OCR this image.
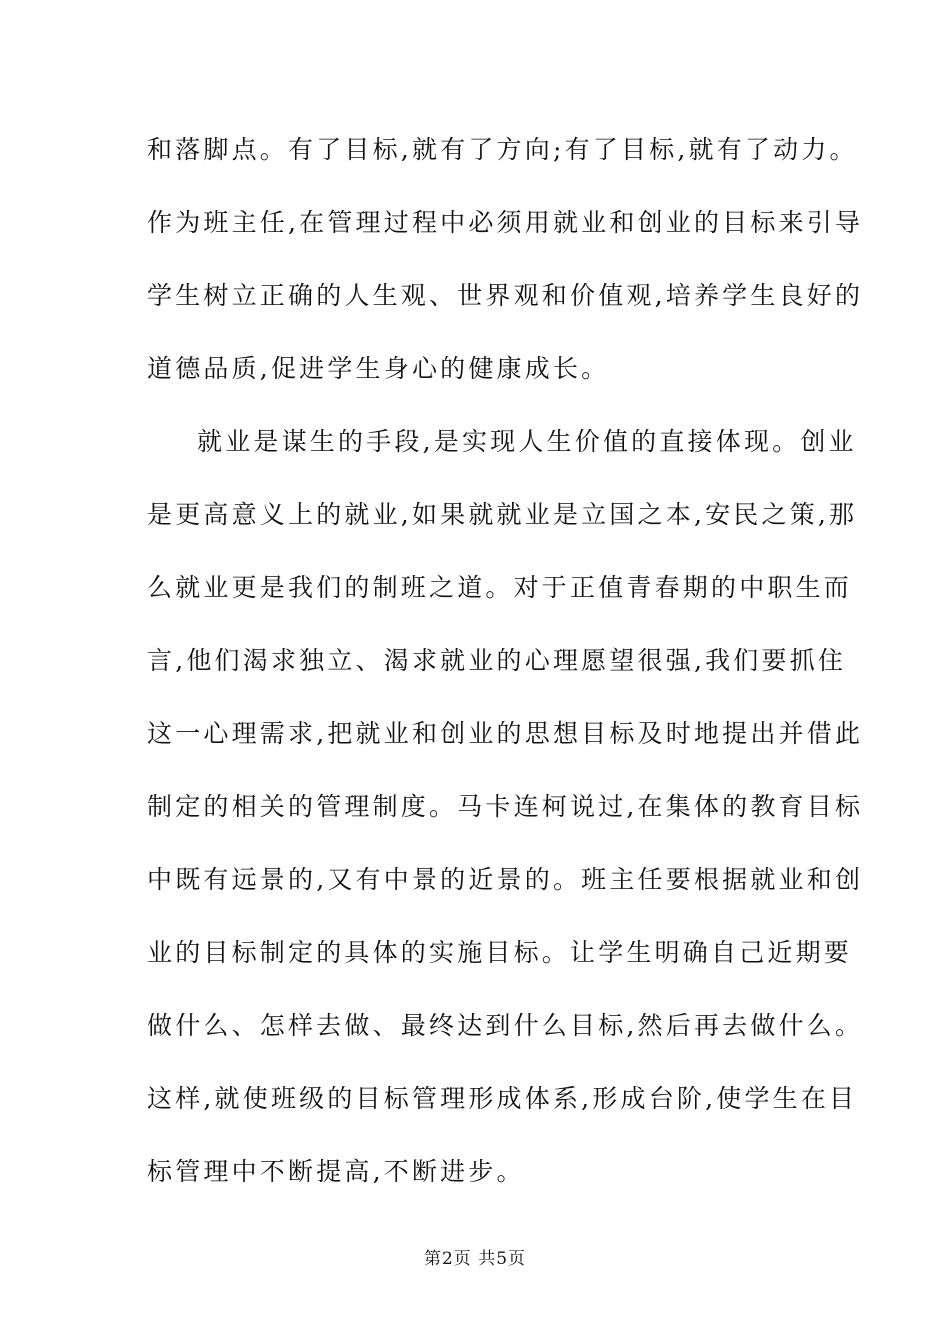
和落脚点。有了目标,就有了方向;有了目标,就有了动力。
作为班主任,在管理过程中必须用就业和创业的目标来引导
学生树立正确的人生观、世界观和价值观,培养学生良好的
道德品质,促进学生身心的健康成长。
就业是谋生的手段,是实现人生价值的直接体现。创业
是更高意义上的就业,如果就就业是立国之本,安民之策,那
么就业更是我们的制班之道。对于正值青春期的中职生而
言,他们渴求独立、渴求就业的心理愿望很强,我们要抓住
这一心理需求,把就业和创业的思想目标及时地提出并借此
制定的相关的管理制度。马卡连柯说过,在集体的教育目标
中既有远景的,又有中景的近景的。班主任要根据就业和创
业的目标制定的具体的实施目标。让学生明确自己近期要
做什么、怎样去做、最终达到什么目标,然后再去做什么。
这样,就使班级的目标管理形成体系,形成台阶,使学生在目
标管理中不断提高,不断进步。
第2页 共5页
